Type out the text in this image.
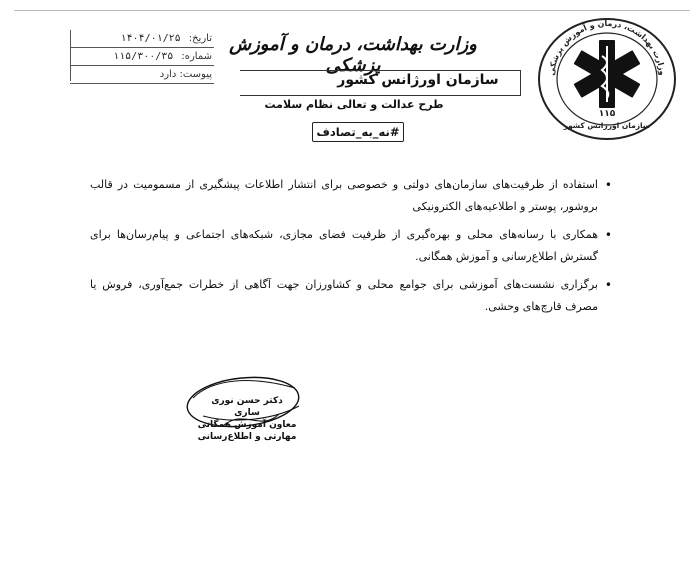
تاریخ:
۱۴۰۴/۰۱/۲۵
شماره:
۱۱۵/۳۰۰/۳۵
پیوست: دارد
وزارت بهداشت، درمان و آموزش پزشکی
سازمان اورژانس کشور
طرح عدالت و تعالی نظام سلامت
#نه_به_تصادف
وزارت بهداشت، درمان و آموزش پزشکی
۱۱۵
سازمان اورژانس کشور
•
استفاده از ظرفیت‌های سازمان‌های دولتی و خصوصی برای انتشار اطلاعات پیشگیری از مسمومیت در قالب بروشور، پوستر و اطلاعیه‌های الکترونیکی
•
همکاری با رسانه‌های محلی و بهره‌گیری از ظرفیت فضای مجازی، شبکه‌های اجتماعی و پیام‌رسان‌ها برای گسترش اطلاع‌رسانی و آموزش همگانی.
•
برگزاری نشست‌های آموزشی برای جوامع محلی و کشاورزان جهت آگاهی از خطرات جمع‌آوری، فروش یا مصرف قارچ‌های وحشی.
دکتر حسن نوری ساری
معاون آموزش همگانی
مهارتی و اطلاع‌رسانی
